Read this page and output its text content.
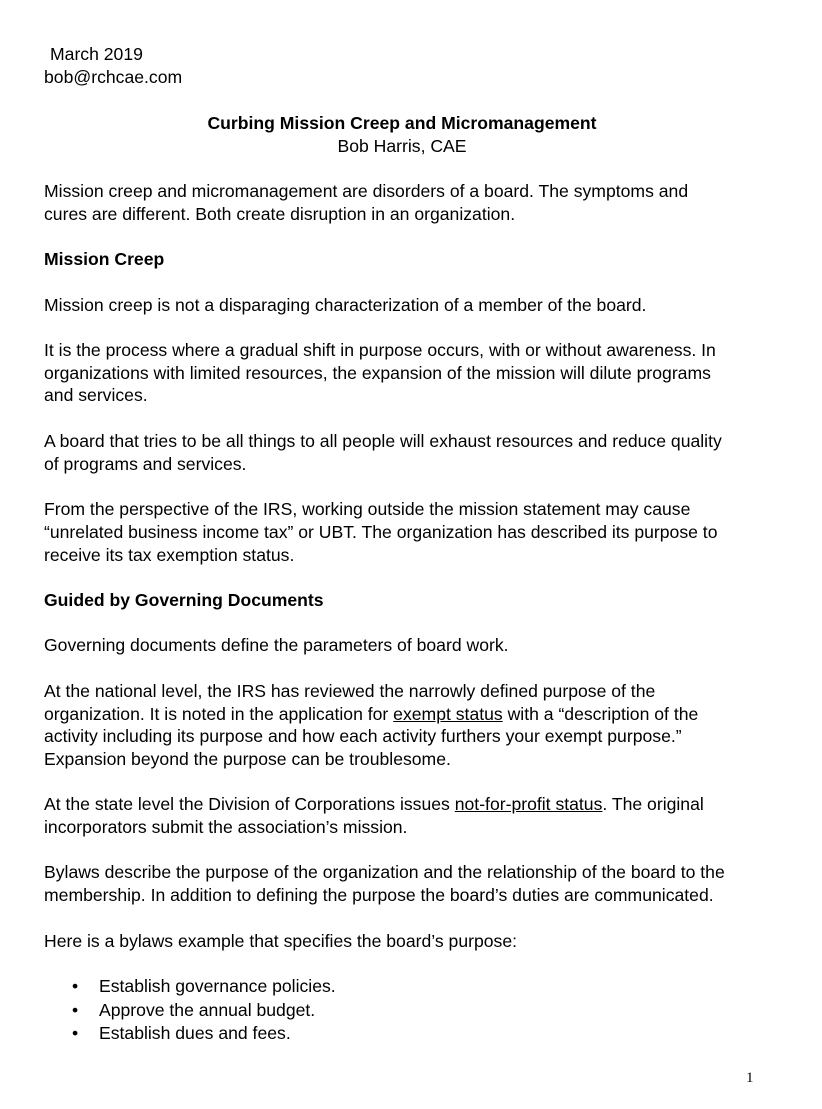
March 2019

bob@rchcae.com

Curbing Mission Creep and Micromanagement

Bob Harris, CAE

Mission creep and micromanagement are disorders of a board. The symptoms and

cures are different. Both create disruption in an organization.

Mission Creep

Mission creep is not a disparaging characterization of a member of the board.

It is the process where a gradual shift in purpose occurs, with or without awareness. In

organizations with limited resources, the expansion of the mission will dilute programs

and services.

A board that tries to be all things to all people will exhaust resources and reduce quality

of programs and services.

From the perspective of the IRS, working outside the mission statement may cause

“unrelated business income tax” or UBT. The organization has described its purpose to

receive its tax exemption status.

Guided by Governing Documents

Governing documents define the parameters of board work.

At the national level, the IRS has reviewed the narrowly defined purpose of the

organization. It is noted in the application for exempt status with a “description of the

activity including its purpose and how each activity furthers your exempt purpose.”

Expansion beyond the purpose can be troublesome.

At the state level the Division of Corporations issues not-for-profit status. The original

incorporators submit the association’s mission.

Bylaws describe the purpose of the organization and the relationship of the board to the

membership. In addition to defining the purpose the board’s duties are communicated.

Here is a bylaws example that specifies the board’s purpose:

• Establish governance policies.

• Approve the annual budget.

• Establish dues and fees.

1
